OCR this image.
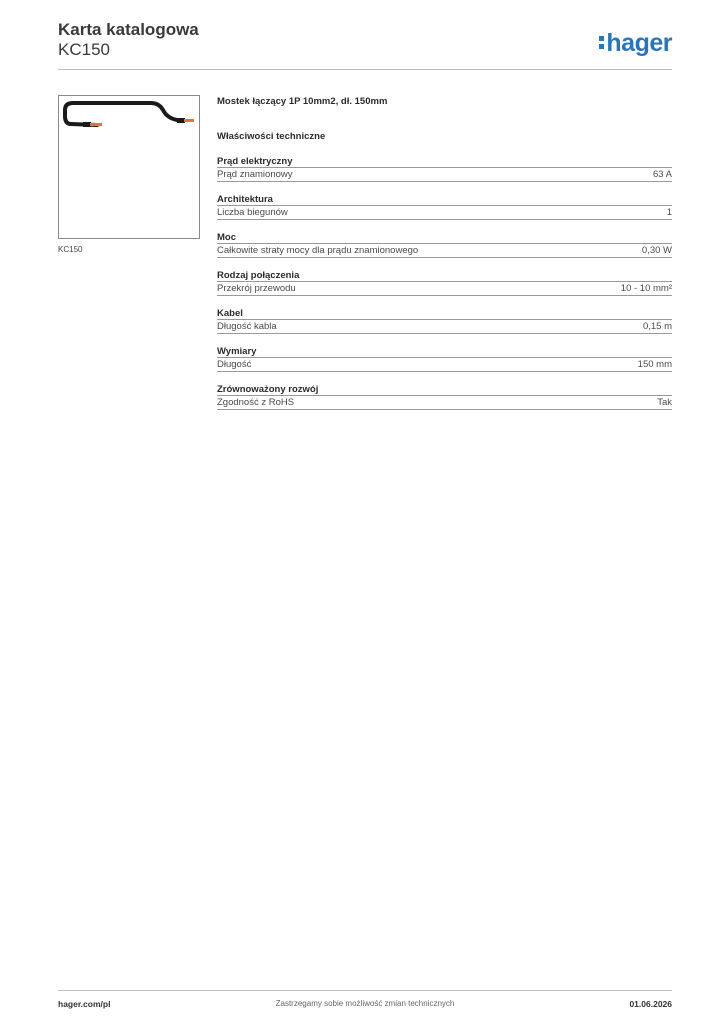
Karta katalogowa
KC150	hager
KC150
Mostek łączący 1P 10mm2, dł. 150mm
Właściwości techniczne
Prąd elektryczny
Prąd znamionowy	63 A
Architektura
Liczba biegunów	1
Moc
Całkowite straty mocy dla prądu znamionowego	0,30 W
Rodzaj połączenia
Przekrój przewodu	10 - 10 mm²
Kabel
Długość kabla	0,15 m
Wymiary
Długość	150 mm
Zrównoważony rozwój
Zgodność z RoHS	Tak
Zastrzegamy sobie możliwość zmian technicznych
hager.com/pl	01.06.2026
